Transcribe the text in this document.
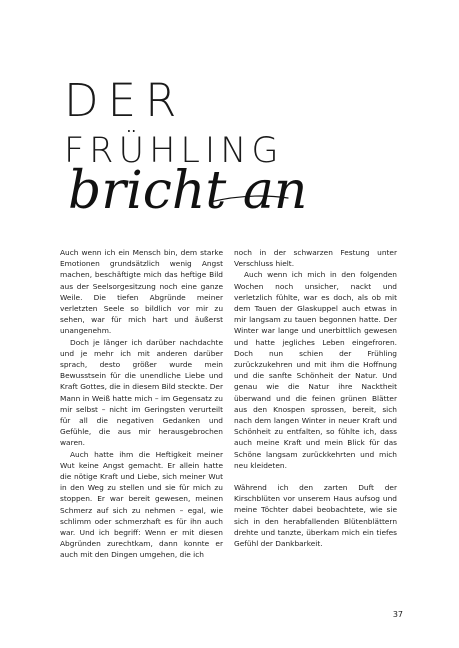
DER
FRÜHLING
bricht an

Auch wenn ich ein Mensch bin, dem starke Emotionen grundsätzlich wenig Angst machen, beschäftigte mich das heftige Bild aus der Seelsorgesitzung noch eine ganze Weile. Die tiefen Abgründe meiner verletzten Seele so bildlich vor mir zu sehen, war für mich hart und äußerst unangenehm.

Doch je länger ich darüber nachdachte und je mehr ich mit anderen darüber sprach, desto größer wurde mein Bewusstsein für die unendliche Liebe und Kraft Gottes, die in diesem Bild steckte. Der Mann in Weiß hatte mich – im Gegensatz zu mir selbst – nicht im Geringsten verurteilt für all die negativen Gedanken und Gefühle, die aus mir herausgebrochen waren.

Auch hatte ihm die Heftigkeit meiner Wut keine Angst gemacht. Er allein hatte die nötige Kraft und Liebe, sich meiner Wut in den Weg zu stellen und sie für mich zu stoppen. Er war bereit gewesen, meinen Schmerz auf sich zu nehmen – egal, wie schlimm oder schmerzhaft es für ihn auch war. Und ich begriff: Wenn er mit diesen Abgründen zurechtkam, dann konnte er auch mit den Dingen umgehen, die ich

noch in der schwarzen Festung unter Verschluss hielt.

Auch wenn ich mich in den folgenden Wochen noch unsicher, nackt und verletzlich fühlte, war es doch, als ob mit dem Tauen der Glaskuppel auch etwas in mir langsam zu tauen begonnen hatte. Der Winter war lange und unerbittlich gewesen und hatte jegliches Leben eingefroren. Doch nun schien der Frühling zurückzukehren und mit ihm die Hoffnung und die sanfte Schönheit der Natur. Und genau wie die Natur ihre Nacktheit überwand und die feinen grünen Blätter aus den Knospen sprossen, bereit, sich nach dem langen Winter in neuer Kraft und Schönheit zu entfalten, so fühlte ich, dass auch meine Kraft und mein Blick für das Schöne langsam zurückkehrten und mich neu kleideten.

Während ich den zarten Duft der Kirschblüten vor unserem Haus aufsog und meine Töchter dabei beobachtete, wie sie sich in den herabfallenden Blütenblättern drehte und tanzte, überkam mich ein tiefes Gefühl der Dankbarkeit.

37
